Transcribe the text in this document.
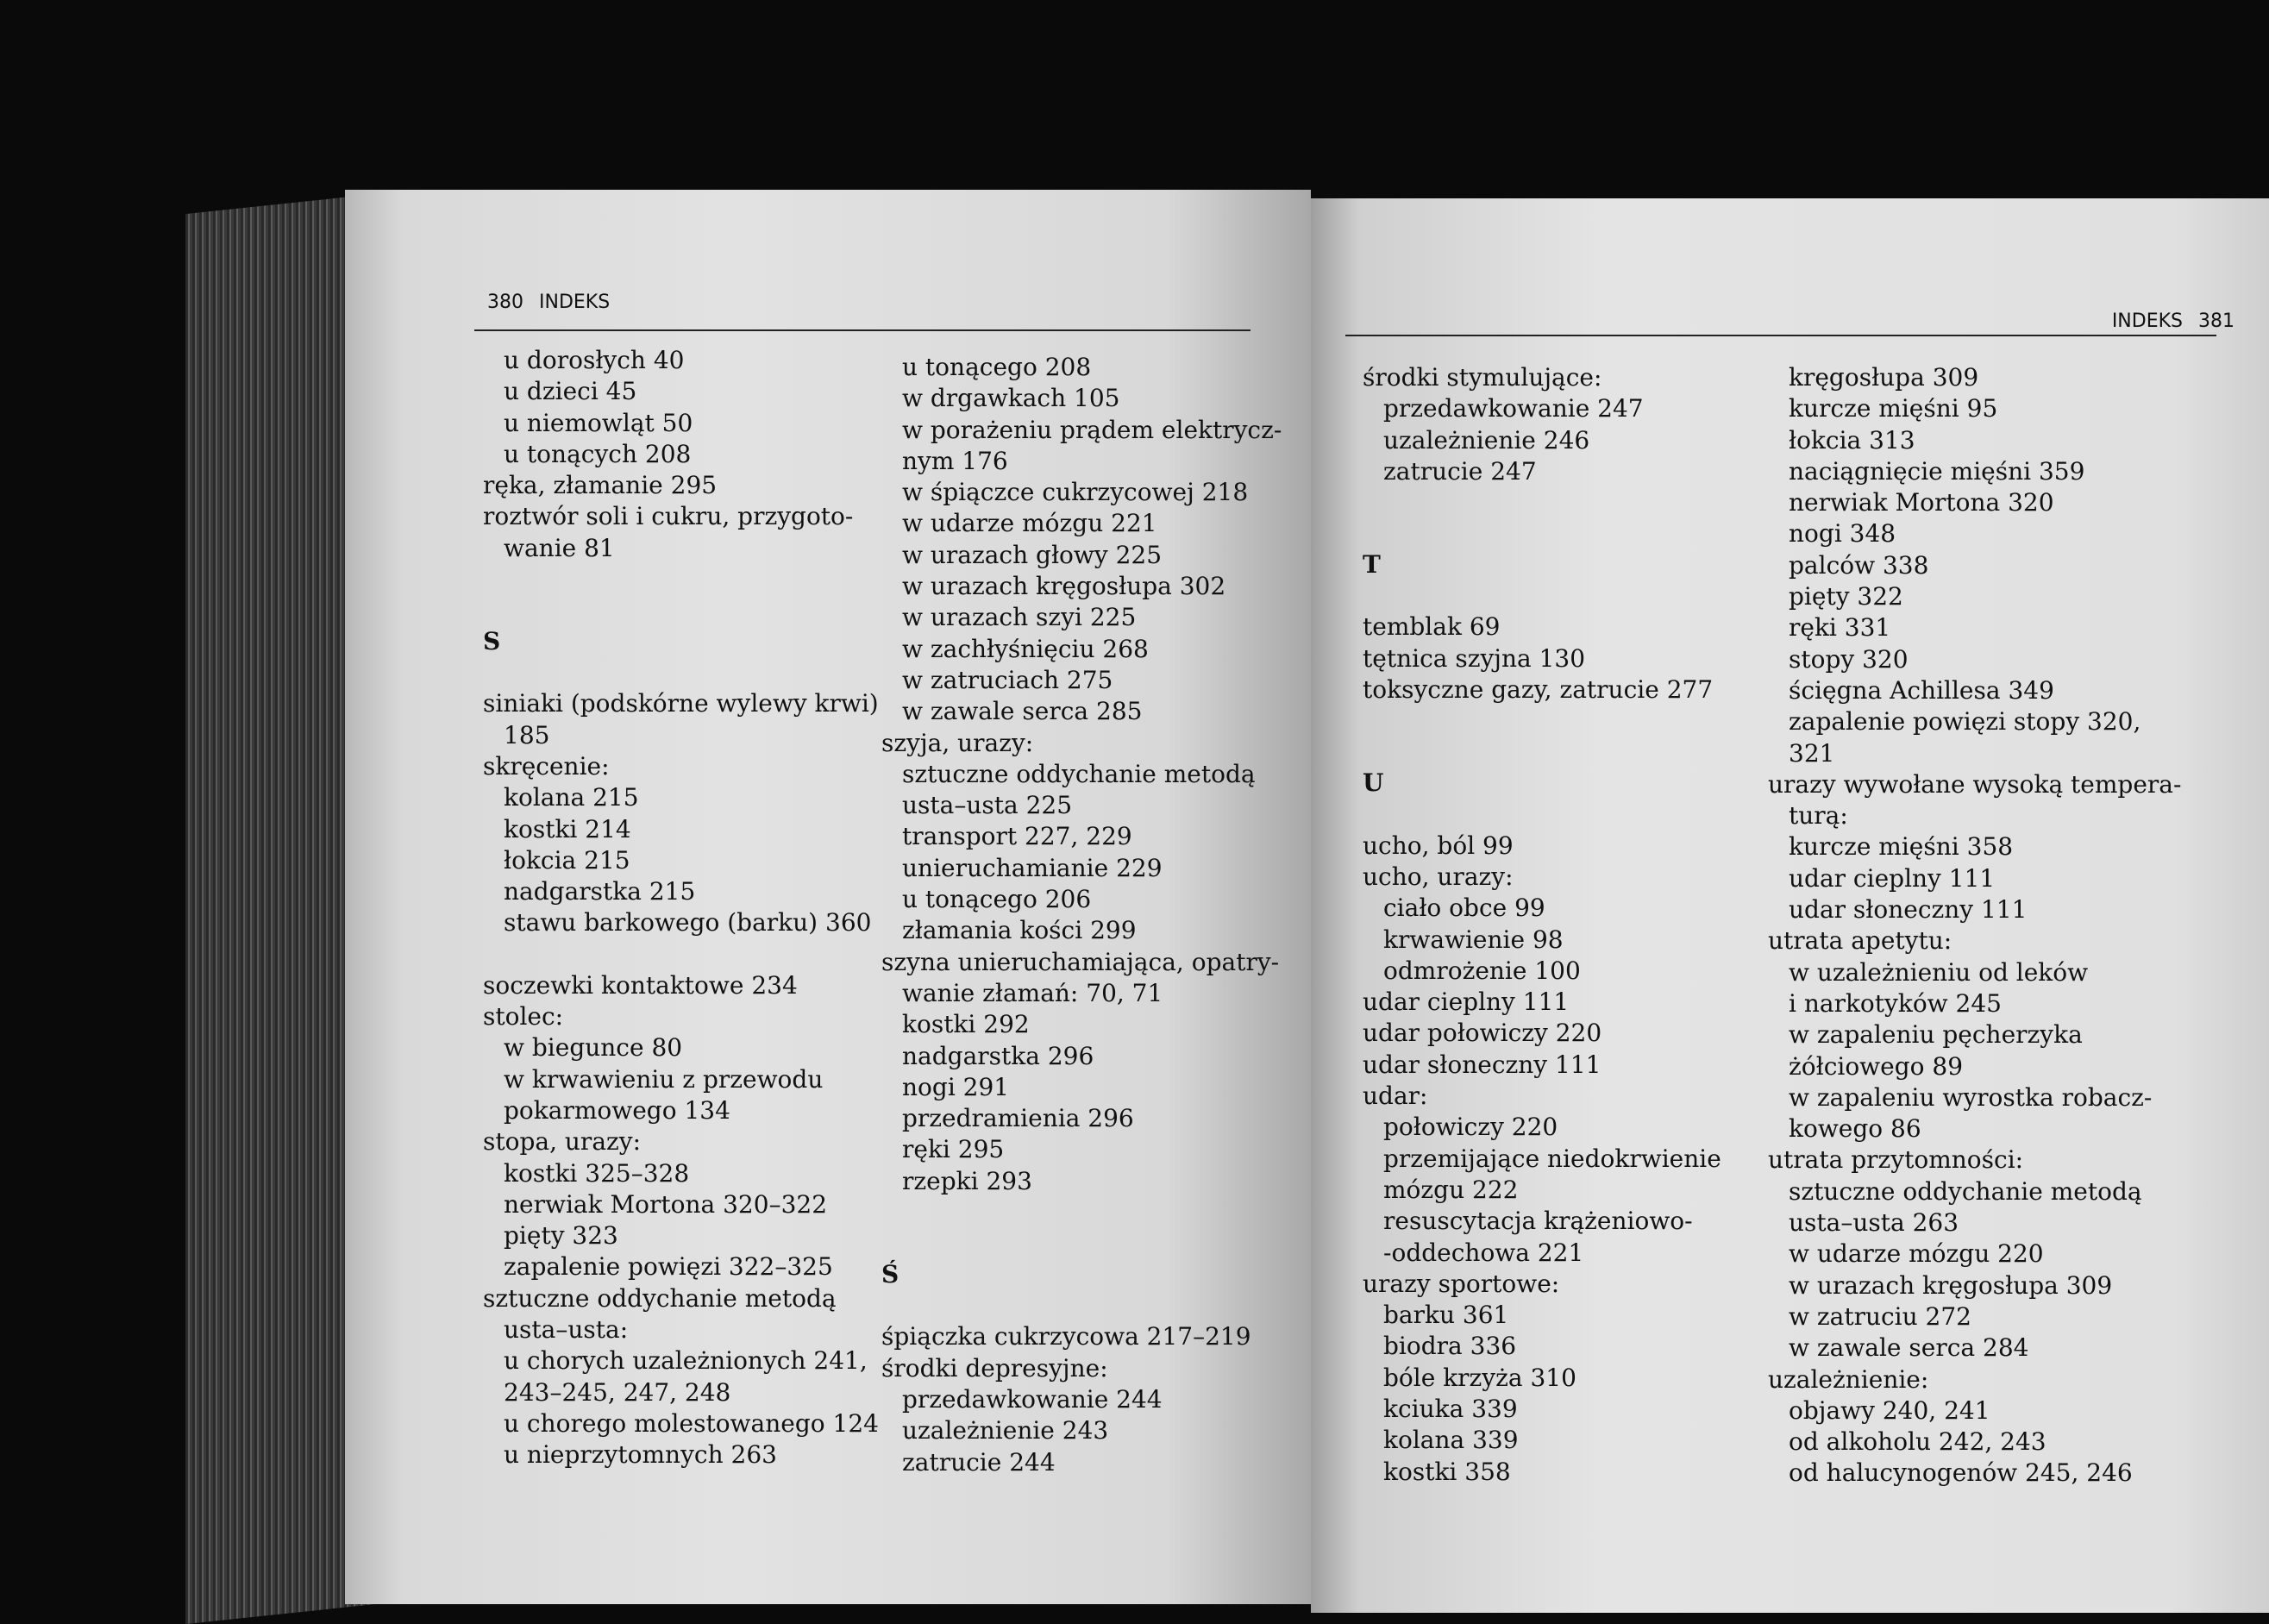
380 INDEKS
u dorosłych 40
u dzieci 45
u niemowląt 50
u tonących 208
ręka, złamanie 295
roztwór soli i cukru, przygoto-
wanie 81
S
siniaki (podskórne wylewy krwi)
185
skręcenie:
kolana 215
kostki 214
łokcia 215
nadgarstka 215
stawu barkowego (barku) 360
soczewki kontaktowe 234
stolec:
w biegunce 80
w krwawieniu z przewodu
pokarmowego 134
stopa, urazy:
kostki 325–328
nerwiak Mortona 320–322
pięty 323
zapalenie powięzi 322–325
sztuczne oddychanie metodą
usta–usta:
u chorych uzależnionych 241,
243–245, 247, 248
u chorego molestowanego 124
u nieprzytomnych 263
u tonącego 208
w drgawkach 105
w porażeniu prądem elektrycz-
nym 176
w śpiączce cukrzycowej 218
w udarze mózgu 221
w urazach głowy 225
w urazach kręgosłupa 302
w urazach szyi 225
w zachłyśnięciu 268
w zatruciach 275
w zawale serca 285
szyja, urazy:
sztuczne oddychanie metodą
usta–usta 225
transport 227, 229
unieruchamianie 229
u tonącego 206
złamania kości 299
szyna unieruchamiająca, opatry-
wanie złamań: 70, 71
kostki 292
nadgarstka 296
nogi 291
przedramienia 296
ręki 295
rzepki 293
Ś
śpiączka cukrzycowa 217–219
środki depresyjne:
przedawkowanie 244
uzależnienie 243
zatrucie 244
INDEKS 381
środki stymulujące:
przedawkowanie 247
uzależnienie 246
zatrucie 247
T
temblak 69
tętnica szyjna 130
toksyczne gazy, zatrucie 277
U
ucho, ból 99
ucho, urazy:
ciało obce 99
krwawienie 98
odmrożenie 100
udar cieplny 111
udar połowiczy 220
udar słoneczny 111
udar:
połowiczy 220
przemijające niedokrwienie
mózgu 222
resuscytacja krążeniowo-
-oddechowa 221
urazy sportowe:
barku 361
biodra 336
bóle krzyża 310
kciuka 339
kolana 339
kostki 358
kręgosłupa 309
kurcze mięśni 95
łokcia 313
naciągnięcie mięśni 359
nerwiak Mortona 320
nogi 348
palców 338
pięty 322
ręki 331
stopy 320
ścięgna Achillesa 349
zapalenie powięzi stopy 320,
321
urazy wywołane wysoką tempera-
turą:
kurcze mięśni 358
udar cieplny 111
udar słoneczny 111
utrata apetytu:
w uzależnieniu od leków
i narkotyków 245
w zapaleniu pęcherzyka
żółciowego 89
w zapaleniu wyrostka robacz-
kowego 86
utrata przytomności:
sztuczne oddychanie metodą
usta–usta 263
w udarze mózgu 220
w urazach kręgosłupa 309
w zatruciu 272
w zawale serca 284
uzależnienie:
objawy 240, 241
od alkoholu 242, 243
od halucynogenów 245, 246
